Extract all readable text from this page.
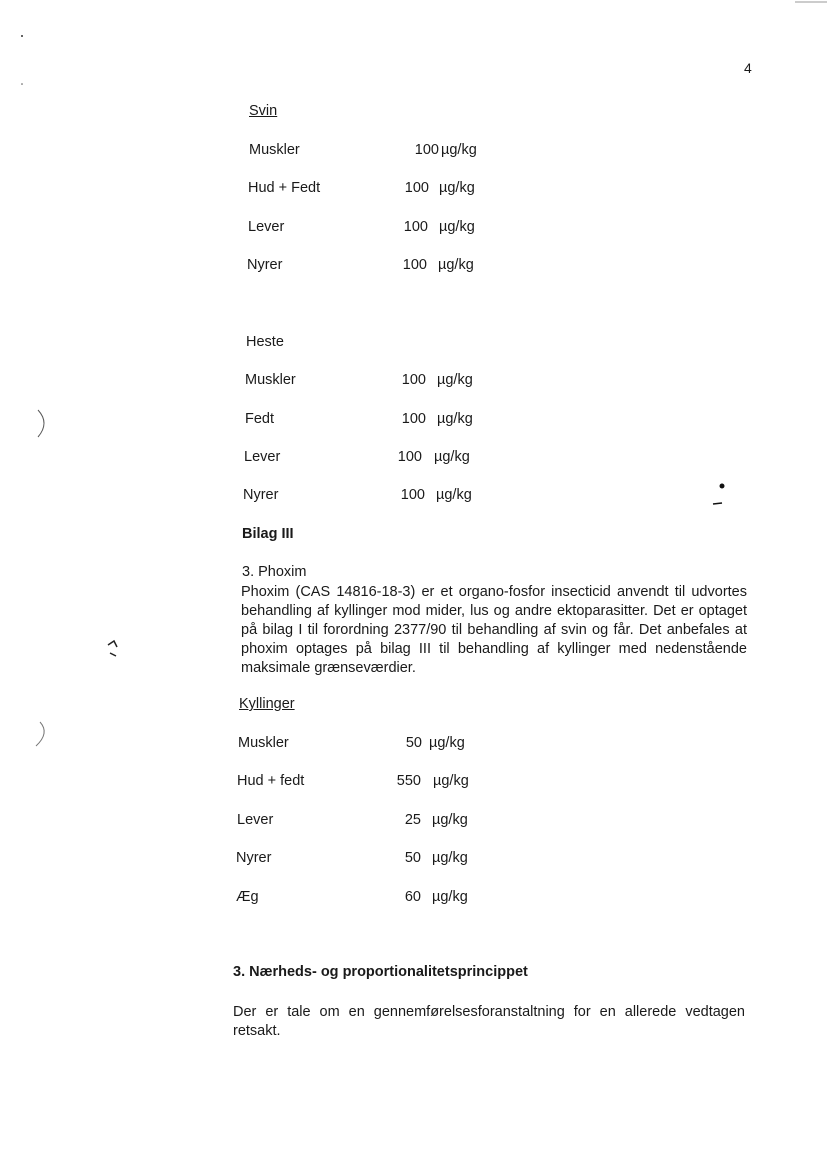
4
Svin
Muskler	100 µg/kg
Hud + Fedt	100 µg/kg
Lever	100 µg/kg
Nyrer	100 µg/kg
Heste
Muskler	100 µg/kg
Fedt	100 µg/kg
Lever	100 µg/kg
Nyrer	100 µg/kg
Bilag III
3. Phoxim
Phoxim (CAS 14816-18-3) er et organo-fosfor insecticid anvendt til udvortes behandling af kyllinger mod mider, lus og andre ektoparasitter. Det er optaget på bilag I til forordning 2377/90 til behandling af svin og får. Det anbefales at phoxim optages på bilag III til behandling af kyllinger med nedenstående maksimale grænseværdier.
Kyllinger
Muskler	50 µg/kg
Hud + fedt	550 µg/kg
Lever	25 µg/kg
Nyrer	50 µg/kg
Æg	60 µg/kg
3. Nærheds- og proportionalitetsprincippet
Der er tale om en gennemførelsesforanstaltning for en allerede vedtagen retsakt.
